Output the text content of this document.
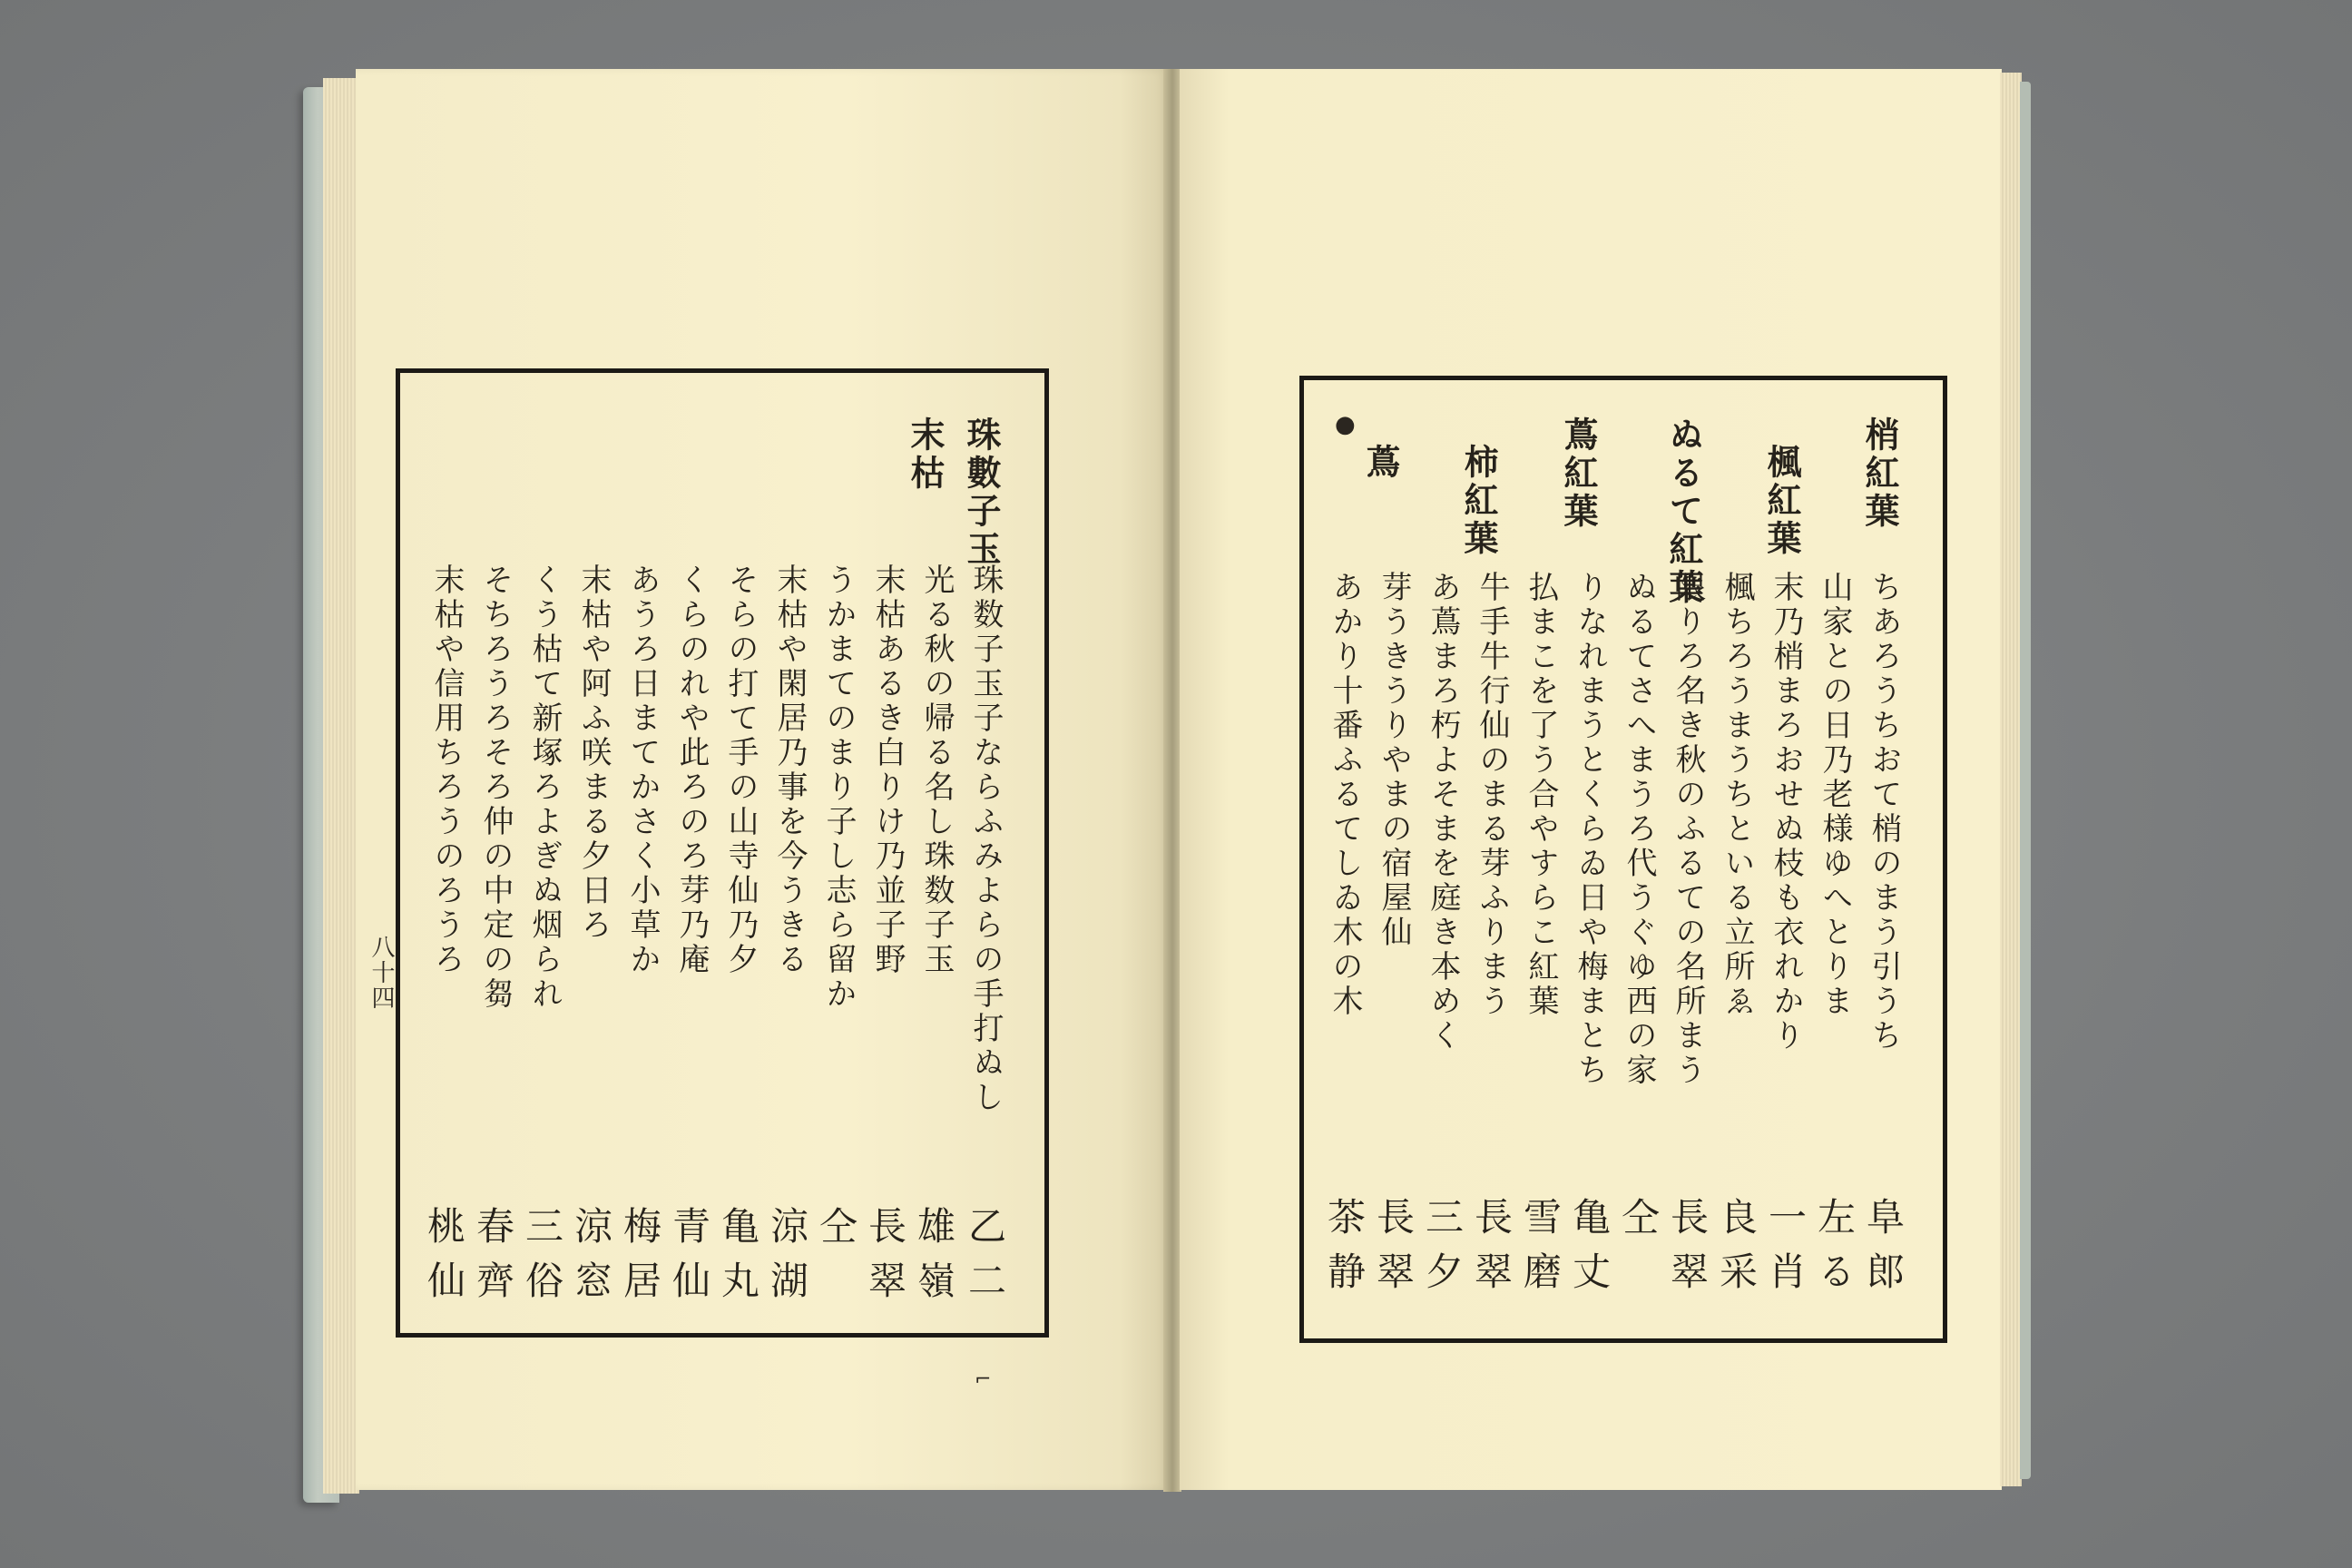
八十四
⌐
珠數子玉
末枯
珠数子玉子ならふみよらの手打ぬし
光る秋の帰る名し珠数子玉
末枯あるき白りけ乃並子野
うかまてのまり子し志ら留か
末枯や閑居乃事を今うきる
そらの打て手の山寺仙乃夕
くらのれや此ろのろ芽乃庵
あうろ日まてかさく小草か
末枯や阿ふ咲まる夕日ろ
くう枯て新塚ろよぎぬ烟られ
そちろうろそろ仲の中定の芻
末枯や信用ちろうのろうろ
乙二
雄嶺
長翠
仝
涼湖
亀丸
青仙
梅居
涼窓
三俗
春齊
桃仙
梢紅葉
楓紅葉
ぬるて紅葉
蔦紅葉
柿紅葉
蔦
ちあろうちおて梢のまう引うち
山家との日乃老様ゆへとりま
末乃梢まろおせぬ枝も衣れかり
楓ちろうまうちといる立所ゑ
限りろ名き秋のふるての名所まう
ぬるてさへまうろ代うぐゆ西の家
りなれまうとくらゐ日や梅まとち
払まこを了う合やすらこ紅葉
牛手牛行仙のまる芽ふりまう
あ蔦まろ朽よそまを庭き本めく
芽うきうりやまの宿屋仙
あかり十番ふるてしゐ木の木
阜郎
左る
一肖
良采
長翠
仝
亀丈
雪磨
長翠
三夕
長翠
茶静
●
